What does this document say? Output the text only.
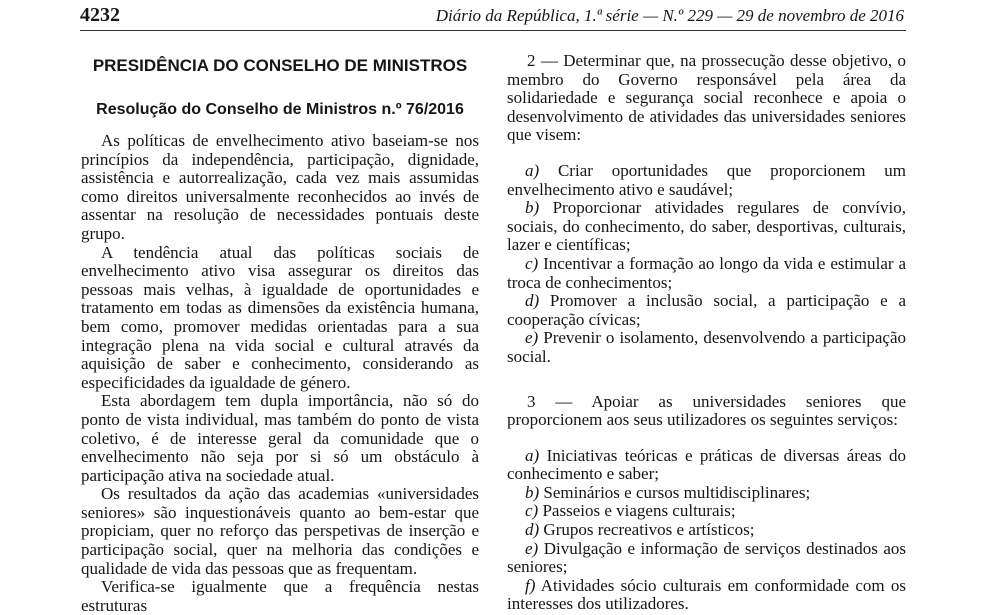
4232	Diário da República, 1.ª série — N.º 229 — 29 de novembro de 2016
PRESIDÊNCIA DO CONSELHO DE MINISTROS
Resolução do Conselho de Ministros n.º 76/2016

As políticas de envelhecimento ativo baseiam-se nos princípios da independência, participação, dignidade, assistência e autorrealização, cada vez mais assumidas como direitos universalmente reconhecidos ao invés de assentar na resolução de necessidades pontuais deste grupo.

A tendência atual das políticas sociais de envelhecimento ativo visa assegurar os direitos das pessoas mais velhas, à igualdade de oportunidades e tratamento em todas as dimensões da existência humana, bem como, promover medidas orientadas para a sua integração plena na vida social e cultural através da aquisição de saber e conhecimento, considerando as especificidades da igualdade de género.

Esta abordagem tem dupla importância, não só do ponto de vista individual, mas também do ponto de vista coletivo, é de interesse geral da comunidade que o envelhecimento não seja por si só um obstáculo à participação ativa na sociedade atual.

Os resultados da ação das academias «universidades seniores» são inquestionáveis quanto ao bem-estar que propiciam, quer no reforço das perspetivas de inserção e participação social, quer na melhoria das condições e qualidade de vida das pessoas que as frequentam.

Verifica-se igualmente que a frequência nestas estruturas

2 — Determinar que, na prossecução desse objetivo, o membro do Governo responsável pela área da solidariedade e segurança social reconhece e apoia o desenvolvimento de atividades das universidades seniores que visem:

a) Criar oportunidades que proporcionem um envelhecimento ativo e saudável;

b) Proporcionar atividades regulares de convívio, sociais, do conhecimento, do saber, desportivas, culturais, lazer e científicas;

c) Incentivar a formação ao longo da vida e estimular a troca de conhecimentos;

d) Promover a inclusão social, a participação e a cooperação cívicas;

e) Prevenir o isolamento, desenvolvendo a participação social.

3 — Apoiar as universidades seniores que proporcionem aos seus utilizadores os seguintes serviços:

a) Iniciativas teóricas e práticas de diversas áreas do conhecimento e saber;

b) Seminários e cursos multidisciplinares;

c) Passeios e viagens culturais;

d) Grupos recreativos e artísticos;

e) Divulgação e informação de serviços destinados aos seniores;

f) Atividades sócio culturais em conformidade com os interesses dos utilizadores.
